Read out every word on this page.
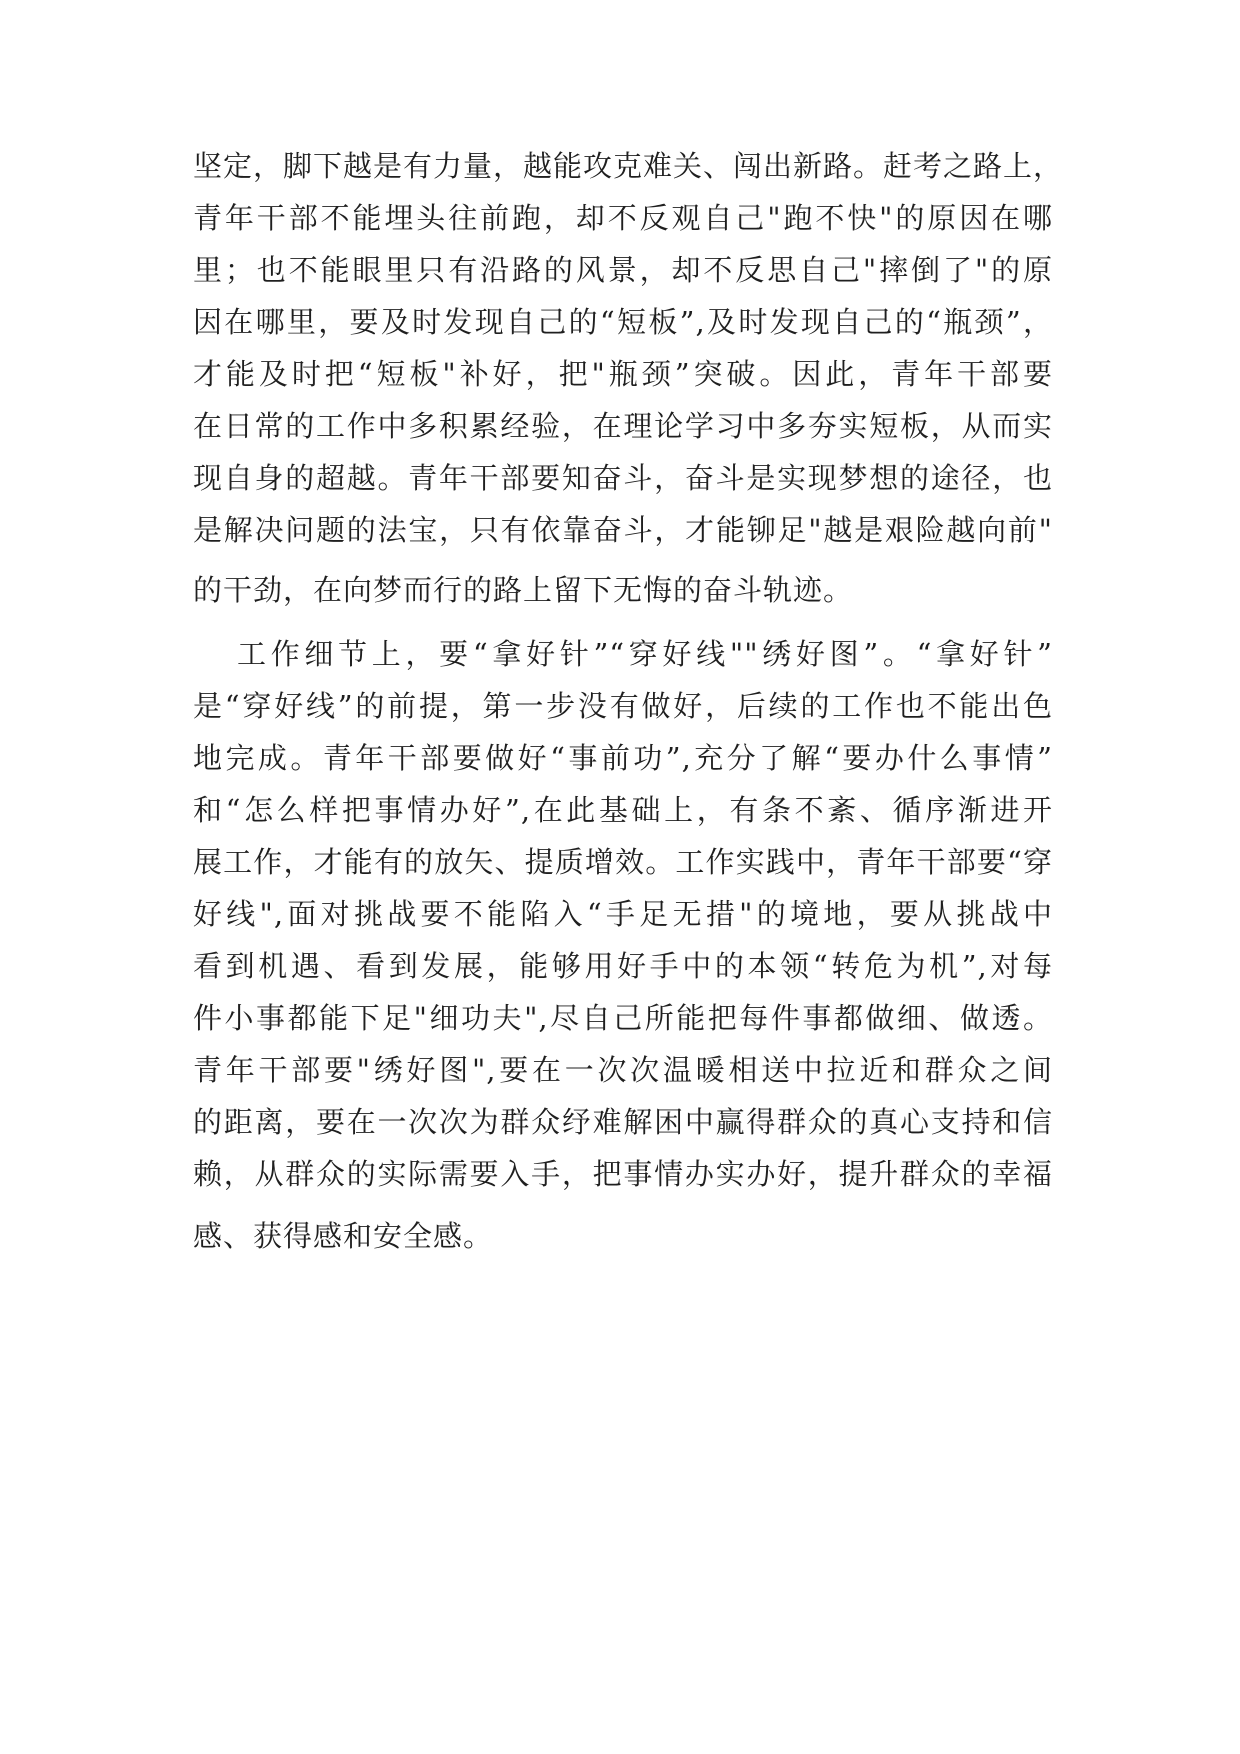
坚定，脚下越是有力量，越能攻克难关、闯出新路。赶考之路上，
青年干部不能埋头往前跑，却不反观自己"跑不快"的原因在哪
里；也不能眼里只有沿路的风景，却不反思自己"摔倒了"的原
因在哪里，要及时发现自己的“短板”,及时发现自己的“瓶颈”，
才能及时把“短板"补好，把"瓶颈”突破。因此，青年干部要
在日常的工作中多积累经验，在理论学习中多夯实短板，从而实
现自身的超越。青年干部要知奋斗，奋斗是实现梦想的途径，也
是解决问题的法宝，只有依靠奋斗，才能铆足"越是艰险越向前"
的干劲，在向梦而行的路上留下无悔的奋斗轨迹。
工作细节上，要“拿好针”“穿好线""绣好图”。“拿好针”
是“穿好线”的前提，第一步没有做好，后续的工作也不能出色
地完成。青年干部要做好“事前功”,充分了解“要办什么事情”
和“怎么样把事情办好”,在此基础上，有条不紊、循序渐进开
展工作，才能有的放矢、提质增效。工作实践中，青年干部要“穿
好线",面对挑战要不能陷入“手足无措"的境地，要从挑战中
看到机遇、看到发展，能够用好手中的本领“转危为机”,对每
件小事都能下足"细功夫",尽自己所能把每件事都做细、做透。
青年干部要"绣好图",要在一次次温暖相送中拉近和群众之间
的距离，要在一次次为群众纾难解困中赢得群众的真心支持和信
赖，从群众的实际需要入手，把事情办实办好，提升群众的幸福
感、获得感和安全感。
